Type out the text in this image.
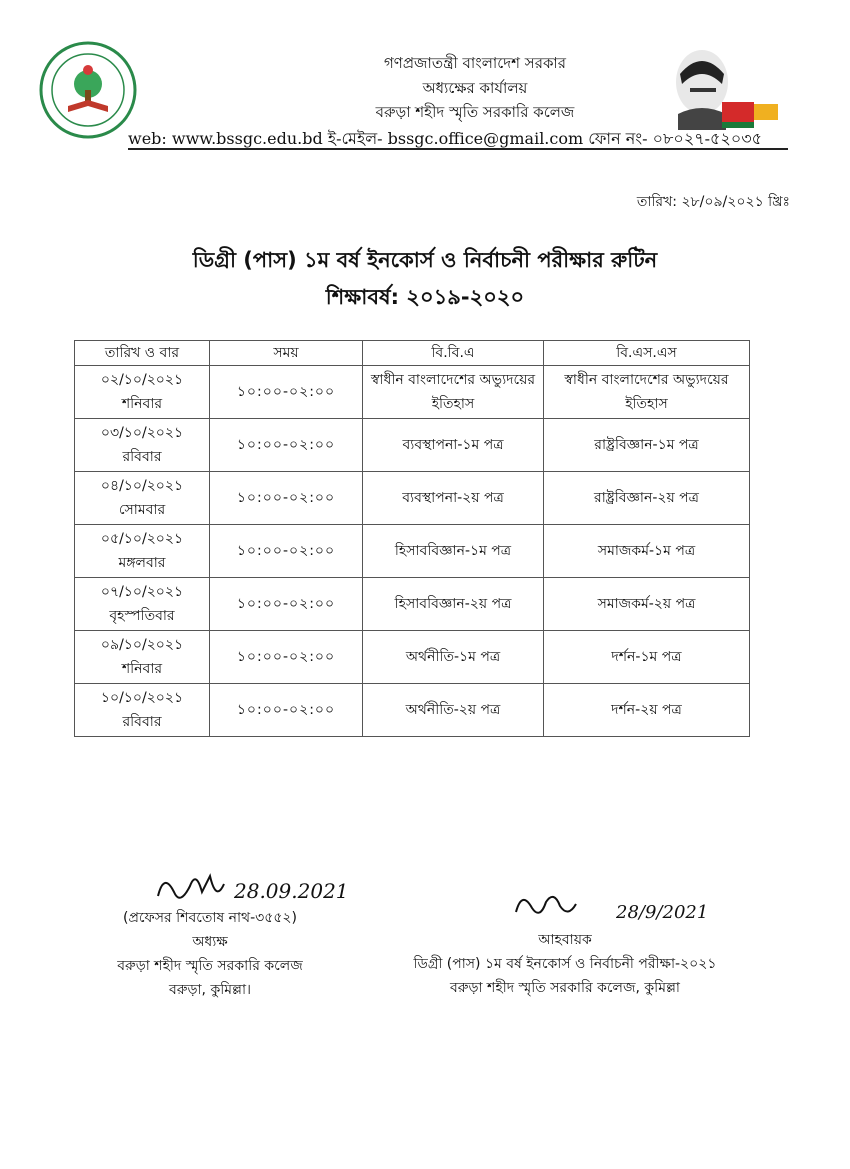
গণপ্রজাতন্ত্রী বাংলাদেশ সরকার
অধ্যক্ষের কার্যালয়
বরুড়া শহীদ স্মৃতি সরকারি কলেজ
web: www.bssgc.edu.bd ই-মেইল- bssgc.office@gmail.com ফোন নং- ০৮০২৭-৫২০৩৫
তারিখ: ২৮/০৯/২০২১ খ্রিঃ
ডিগ্রী (পাস) ১ম বর্ষ ইনকোর্স ও নির্বাচনী পরীক্ষার রুটিন
শিক্ষাবর্ষ: ২০১৯-২০২০
তারিখ ও বার	সময়	বি.বি.এ	বি.এস.এস

০২/১০/২০২১
শনিবার	১০:০০-০২:০০	স্বাধীন বাংলাদেশের অভ্যুদয়ের ইতিহাস	স্বাধীন বাংলাদেশের অভ্যুদয়ের ইতিহাস

০৩/১০/২০২১
রবিবার	১০:০০-০২:০০	ব্যবস্থাপনা-১ম পত্র	রাষ্ট্রবিজ্ঞান-১ম পত্র

০৪/১০/২০২১
সোমবার	১০:০০-০২:০০	ব্যবস্থাপনা-২য় পত্র	রাষ্ট্রবিজ্ঞান-২য় পত্র

০৫/১০/২০২১
মঙ্গলবার	১০:০০-০২:০০	হিসাববিজ্ঞান-১ম পত্র	সমাজকর্ম-১ম পত্র

০৭/১০/২০২১
বৃহস্পতিবার	১০:০০-০২:০০	হিসাববিজ্ঞান-২য় পত্র	সমাজকর্ম-২য় পত্র

০৯/১০/২০২১
শনিবার	১০:০০-০২:০০	অর্থনীতি-১ম পত্র	দর্শন-১ম পত্র

১০/১০/২০২১
রবিবার	১০:০০-০২:০০	অর্থনীতি-২য় পত্র	দর্শন-২য় পত্র
28.09.2021
28/9/2021
(প্রফেসর শিবতোষ নাথ-৩৫৫২)
অধ্যক্ষ
বরুড়া শহীদ স্মৃতি সরকারি কলেজ
বরুড়া, কুমিল্লা।
আহবায়ক
ডিগ্রী (পাস) ১ম বর্ষ ইনকোর্স ও নির্বাচনী পরীক্ষা-২০২১
বরুড়া শহীদ স্মৃতি সরকারি কলেজ, কুমিল্লা
